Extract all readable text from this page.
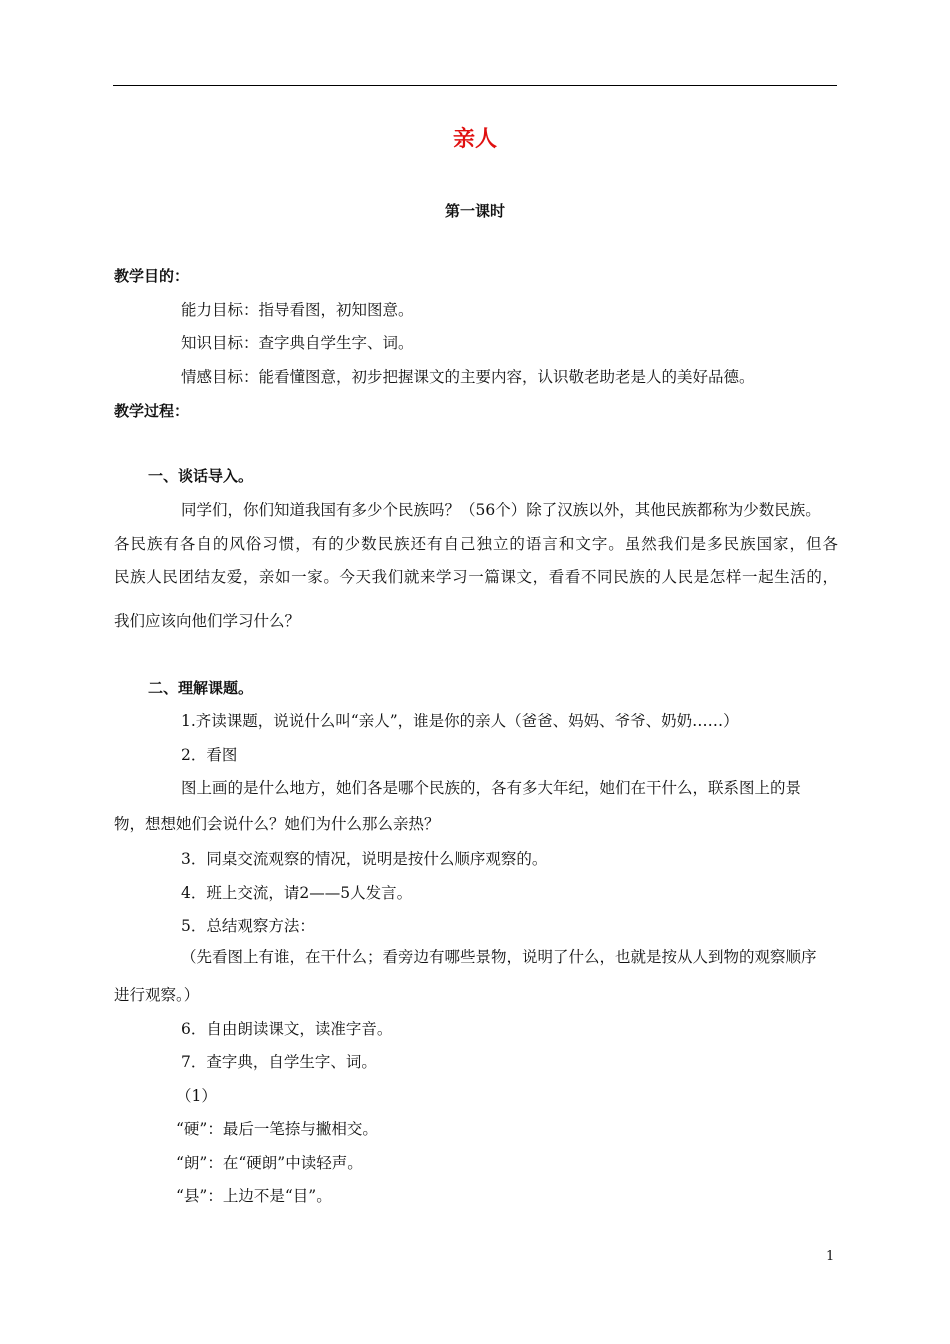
亲人
第一课时
教学目的：
能力目标：指导看图，初知图意。
知识目标：查字典自学生字、词。
情感目标：能看懂图意，初步把握课文的主要内容，认识敬老助老是人的美好品德。
教学过程：
一、谈话导入。
同学们，你们知道我国有多少个民族吗？（56个）除了汉族以外，其他民族都称为少数民族。
各民族有各自的风俗习惯，有的少数民族还有自己独立的语言和文字。虽然我们是多民族国家，但各
民族人民团结友爱，亲如一家。今天我们就来学习一篇课文，看看不同民族的人民是怎样一起生活的，
我们应该向他们学习什么？
二、理解课题。
1.齐读课题，说说什么叫“亲人”，谁是你的亲人（爸爸、妈妈、爷爷、奶奶……）
2．看图
图上画的是什么地方，她们各是哪个民族的，各有多大年纪，她们在干什么，联系图上的景
物，想想她们会说什么？她们为什么那么亲热？
3．同桌交流观察的情况，说明是按什么顺序观察的。
4．班上交流，请2——5人发言。
5．总结观察方法：
（先看图上有谁，在干什么；看旁边有哪些景物，说明了什么，也就是按从人到物的观察顺序
进行观察。）
6．自由朗读课文，读准字音。
7．查字典，自学生字、词。
（1）
“硬”：最后一笔捺与撇相交。
“朗”：在“硬朗”中读轻声。
“县”：上边不是“目”。
1
